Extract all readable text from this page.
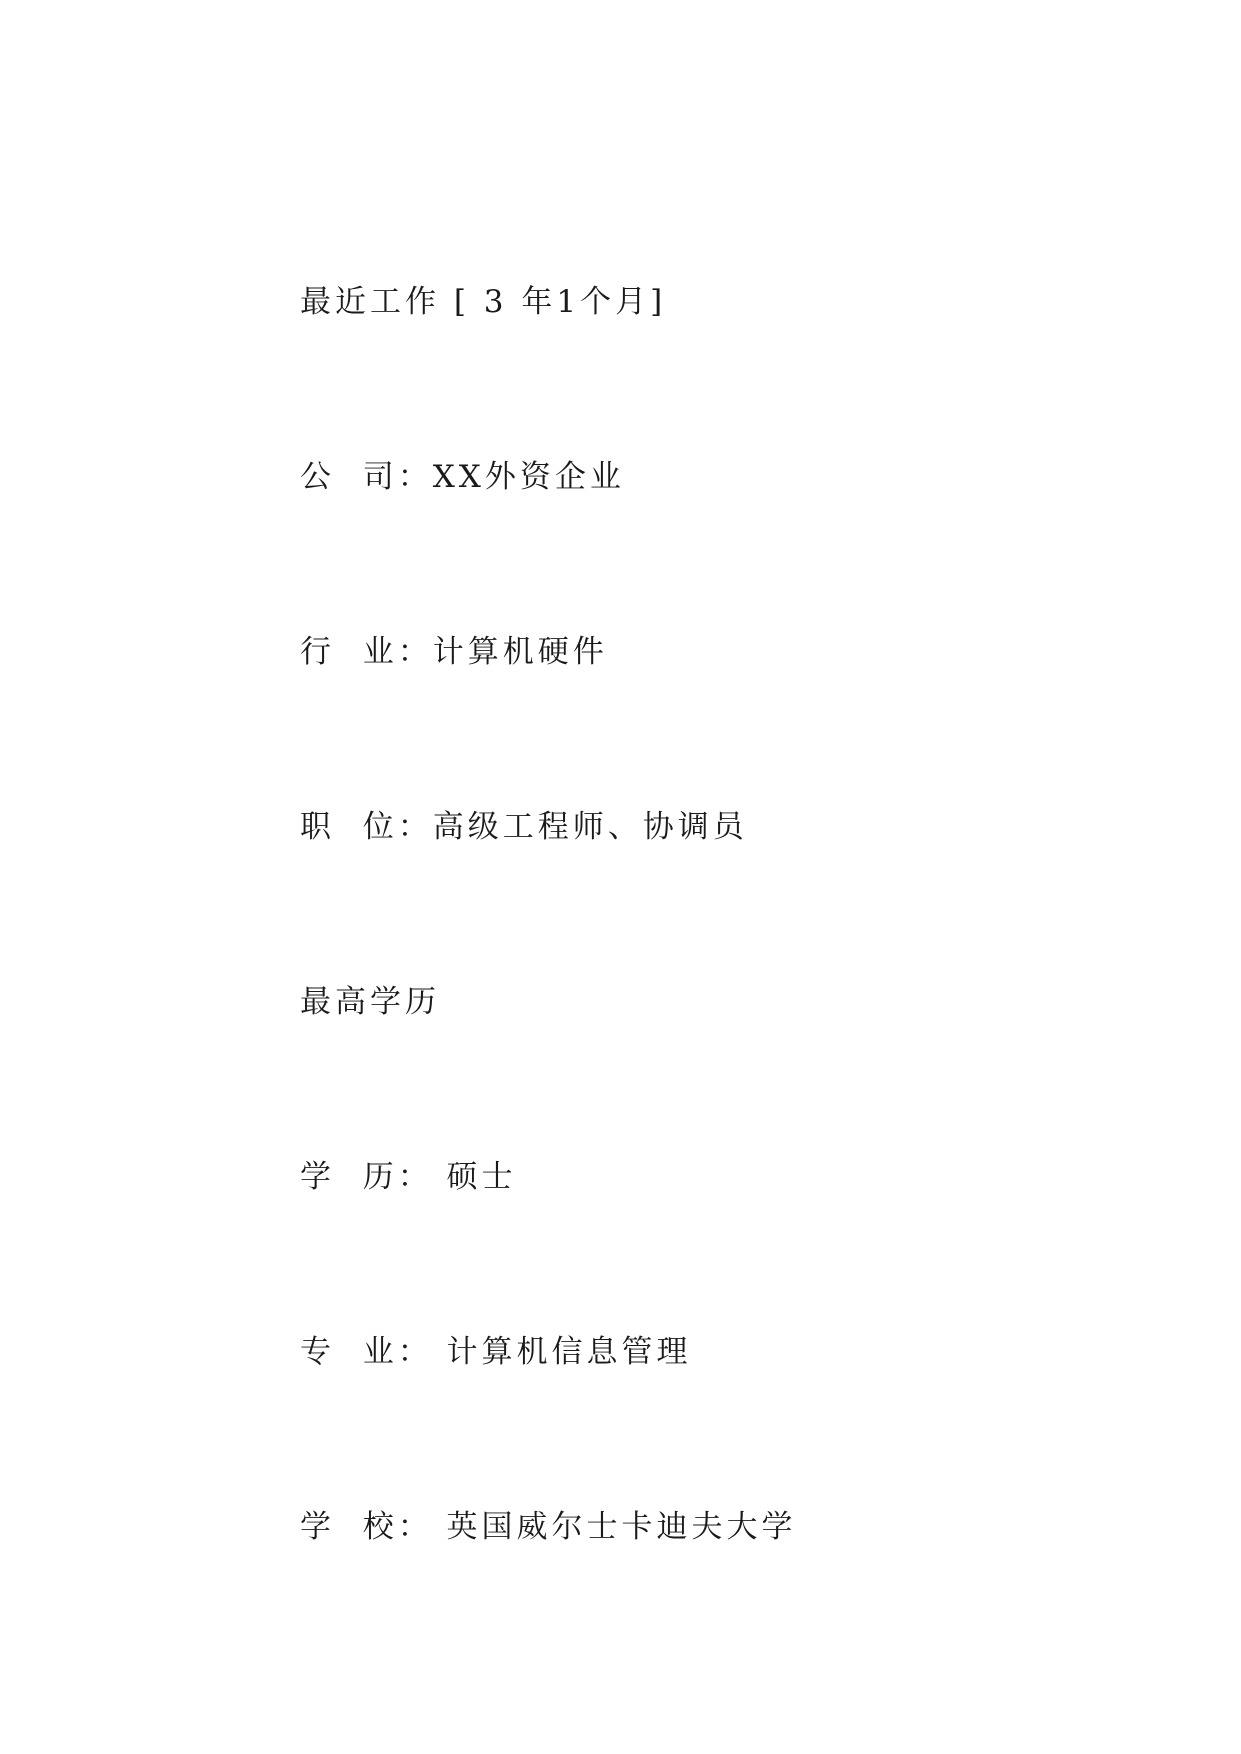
最近工作 [ 3 年1个月]
公  司：XX外资企业
行  业：计算机硬件
职  位：高级工程师、协调员
最高学历
学  历： 硕士
专  业： 计算机信息管理
学  校： 英国威尔士卡迪夫大学
